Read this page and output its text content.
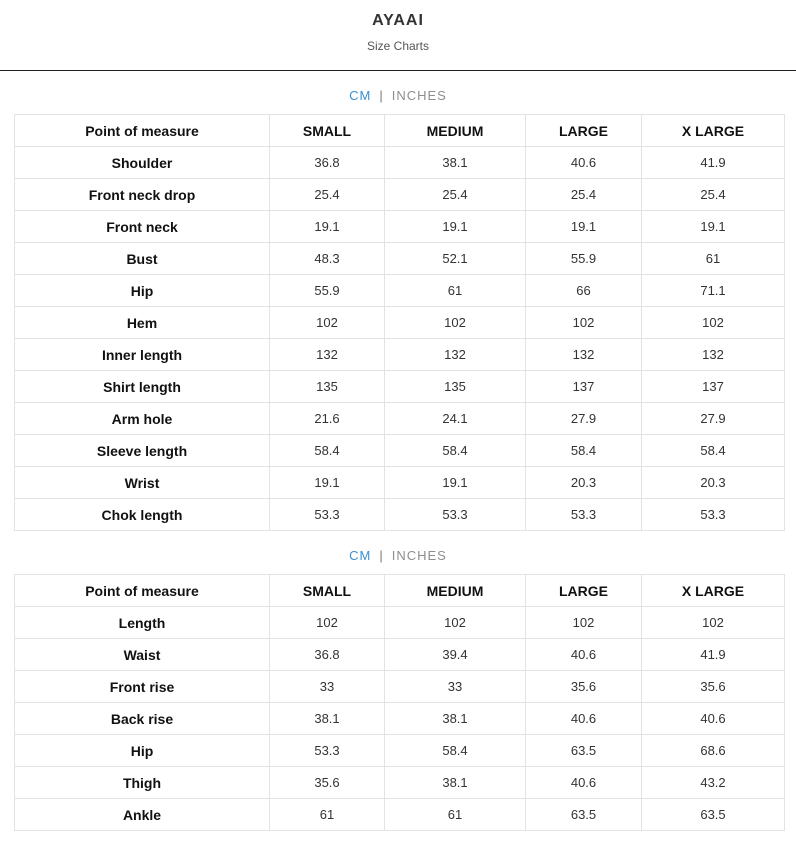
AYAAI
Size Charts
CM | INCHES
Point of measure	SMALL	MEDIUM	LARGE	X LARGE
Shoulder	36.8	38.1	40.6	41.9
Front neck drop	25.4	25.4	25.4	25.4
Front neck	19.1	19.1	19.1	19.1
Bust	48.3	52.1	55.9	61
Hip	55.9	61	66	71.1
Hem	102	102	102	102
Inner length	132	132	132	132
Shirt length	135	135	137	137
Arm hole	21.6	24.1	27.9	27.9
Sleeve length	58.4	58.4	58.4	58.4
Wrist	19.1	19.1	20.3	20.3
Chok length	53.3	53.3	53.3	53.3
CM | INCHES
Point of measure	SMALL	MEDIUM	LARGE	X LARGE
Length	102	102	102	102
Waist	36.8	39.4	40.6	41.9
Front rise	33	33	35.6	35.6
Back rise	38.1	38.1	40.6	40.6
Hip	53.3	58.4	63.5	68.6
Thigh	35.6	38.1	40.6	43.2
Ankle	61	61	63.5	63.5
